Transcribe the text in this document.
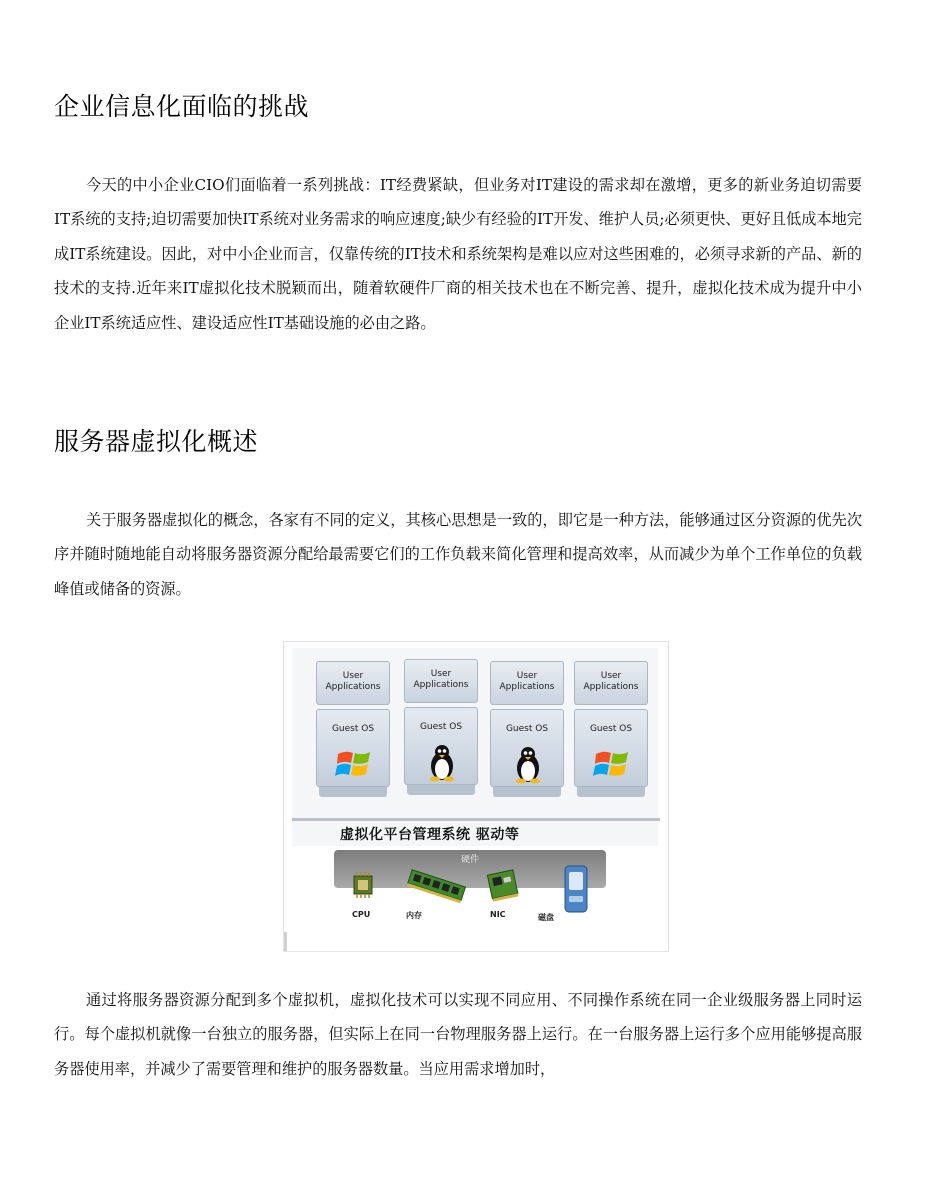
企业信息化面临的挑战

今天的中小企业CIO们面临着一系列挑战：IT经费紧缺，但业务对IT建设的需求却在激增，更多的新业务迫切需要IT系统的支持;迫切需要加快IT系统对业务需求的响应速度;缺少有经验的IT开发、维护人员;必须更快、更好且低成本地完成IT系统建设。因此，对中小企业而言，仅靠传统的IT技术和系统架构是难以应对这些困难的，必须寻求新的产品、新的技术的支持.近年来IT虚拟化技术脱颖而出，随着软硬件厂商的相关技术也在不断完善、提升，虚拟化技术成为提升中小企业IT系统适应性、建设适应性IT基础设施的必由之路。

服务器虚拟化概述

关于服务器虚拟化的概念，各家有不同的定义，其核心思想是一致的，即它是一种方法，能够通过区分资源的优先次序并随时随地能自动将服务器资源分配给最需要它们的工作负载来简化管理和提高效率，从而减少为单个工作单位的负载峰值或储备的资源。

User Applications
Guest OS
User Applications
Guest OS
User Applications
Guest OS
User Applications
Guest OS
虚拟化平台管理系统 驱动等
硬件
CPU	内存	NIC	磁盘

通过将服务器资源分配到多个虚拟机，虚拟化技术可以实现不同应用、不同操作系统在同一企业级服务器上同时运行。每个虚拟机就像一台独立的服务器，但实际上在同一台物理服务器上运行。在一台服务器上运行多个应用能够提高服务器使用率，并减少了需要管理和维护的服务器数量。当应用需求增加时，
